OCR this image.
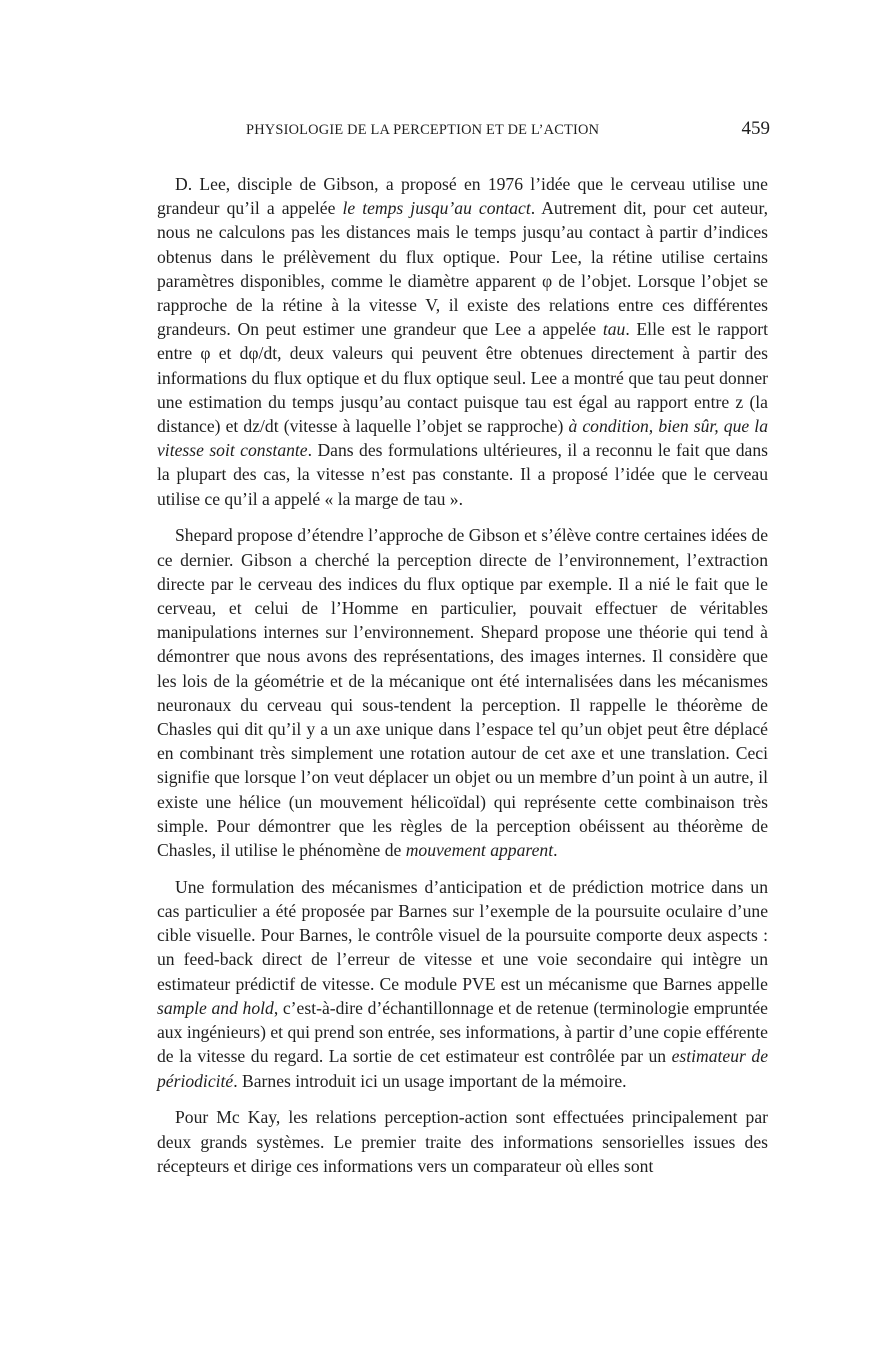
PHYSIOLOGIE DE LA PERCEPTION ET DE L’ACTION	459

D. Lee, disciple de Gibson, a proposé en 1976 l’idée que le cerveau utilise une grandeur qu’il a appelée le temps jusqu’au contact. Autrement dit, pour cet auteur, nous ne calculons pas les distances mais le temps jusqu’au contact à partir d’indices obtenus dans le prélèvement du flux optique. Pour Lee, la rétine utilise certains paramètres disponibles, comme le diamètre apparent φ de l’objet. Lorsque l’objet se rapproche de la rétine à la vitesse V, il existe des relations entre ces différentes grandeurs. On peut estimer une grandeur que Lee a appelée tau. Elle est le rapport entre φ et dφ/dt, deux valeurs qui peuvent être obtenues directement à partir des informations du flux optique et du flux optique seul. Lee a montré que tau peut donner une estimation du temps jusqu’au contact puisque tau est égal au rapport entre z (la distance) et dz/dt (vitesse à laquelle l’objet se rapproche) à condition, bien sûr, que la vitesse soit constante. Dans des formulations ultérieures, il a reconnu le fait que dans la plupart des cas, la vitesse n’est pas constante. Il a proposé l’idée que le cerveau utilise ce qu’il a appelé « la marge de tau ».

Shepard propose d’étendre l’approche de Gibson et s’élève contre certaines idées de ce dernier. Gibson a cherché la perception directe de l’environnement, l’extraction directe par le cerveau des indices du flux optique par exemple. Il a nié le fait que le cerveau, et celui de l’Homme en particulier, pouvait effectuer de véritables manipulations internes sur l’environnement. Shepard propose une théorie qui tend à démontrer que nous avons des représentations, des images internes. Il considère que les lois de la géométrie et de la mécanique ont été internalisées dans les mécanismes neuronaux du cerveau qui sous-tendent la perception. Il rappelle le théorème de Chasles qui dit qu’il y a un axe unique dans l’espace tel qu’un objet peut être déplacé en combinant très simplement une rotation autour de cet axe et une translation. Ceci signifie que lorsque l’on veut déplacer un objet ou un membre d’un point à un autre, il existe une hélice (un mouvement hélicoïdal) qui représente cette combinaison très simple. Pour démontrer que les règles de la perception obéissent au théorème de Chasles, il utilise le phénomène de mouvement apparent.

Une formulation des mécanismes d’anticipation et de prédiction motrice dans un cas particulier a été proposée par Barnes sur l’exemple de la poursuite oculaire d’une cible visuelle. Pour Barnes, le contrôle visuel de la poursuite comporte deux aspects : un feed-back direct de l’erreur de vitesse et une voie secondaire qui intègre un estimateur prédictif de vitesse. Ce module PVE est un mécanisme que Barnes appelle sample and hold, c’est-à-dire d’échantillonnage et de retenue (terminologie empruntée aux ingénieurs) et qui prend son entrée, ses informations, à partir d’une copie efférente de la vitesse du regard. La sortie de cet estimateur est contrôlée par un estimateur de périodicité. Barnes introduit ici un usage important de la mémoire.

Pour Mc Kay, les relations perception-action sont effectuées principalement par deux grands systèmes. Le premier traite des informations sensorielles issues des récepteurs et dirige ces informations vers un comparateur où elles sont
